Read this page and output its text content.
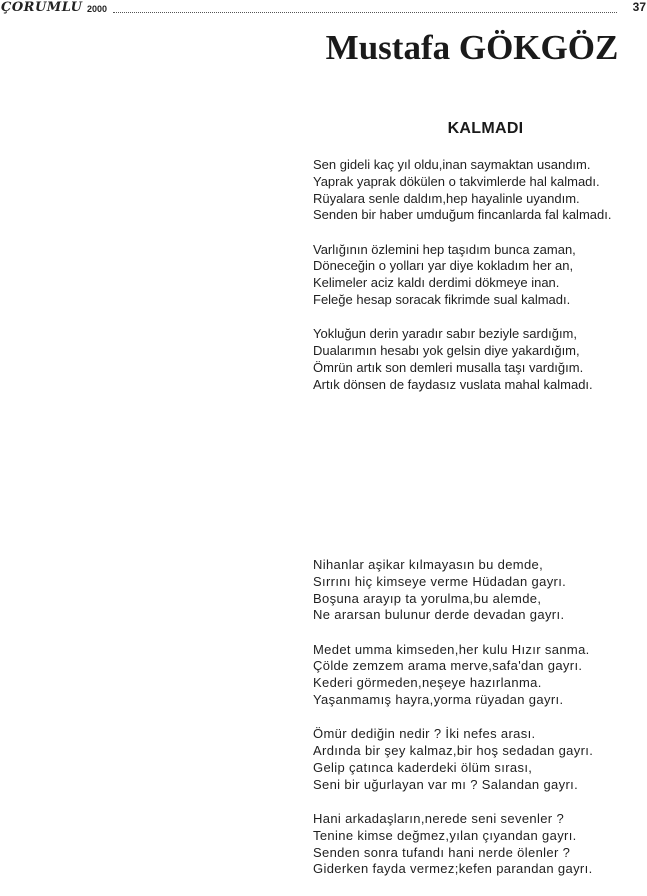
ÇORUMLU 2000	37
Mustafa GÖKGÖZ
KALMADI
Sen gideli kaç yıl oldu,inan saymaktan usandım.
Yaprak yaprak dökülen o takvimlerde hal kalmadı.
Rüyalara senle daldım,hep hayalinle uyandım.
Senden bir haber umduğum fincanlarda fal kalmadı.
Varlığının özlemini hep taşıdım bunca zaman,
Döneceğin o yolları yar diye kokladım her an,
Kelimeler aciz kaldı derdimi dökmeye inan.
Feleğe hesap soracak fikrimde sual kalmadı.
Yokluğun derin yaradır sabır beziyle sardığım,
Dualarımın hesabı yok gelsin diye yakardığım,
Ömrün artık son demleri musalla taşı vardığım.
Artık dönsen de faydasız vuslata mahal kalmadı.
Nihanlar aşikar kılmayasın bu demde,
Sırrını hiç kimseye verme Hüdadan gayrı.
Boşuna arayıp ta yorulma,bu alemde,
Ne ararsan bulunur derde devadan gayrı.
Medet umma kimseden,her kulu Hızır sanma.
Çölde zemzem arama merve,safa'dan gayrı.
Kederi görmeden,neşeye hazırlanma.
Yaşanmamış hayra,yorma rüyadan gayrı.
Ömür dediğin nedir ? İki nefes arası.
Ardında bir şey kalmaz,bir hoş sedadan gayrı.
Gelip çatınca kaderdeki ölüm sırası,
Seni bir uğurlayan var mı ? Salandan gayrı.
Hani arkadaşların,nerede seni sevenler ?
Tenine kimse değmez,yılan çıyandan gayrı.
Senden sonra tufandı hani nerde ölenler ?
Giderken fayda vermez;kefen parandan gayrı.
